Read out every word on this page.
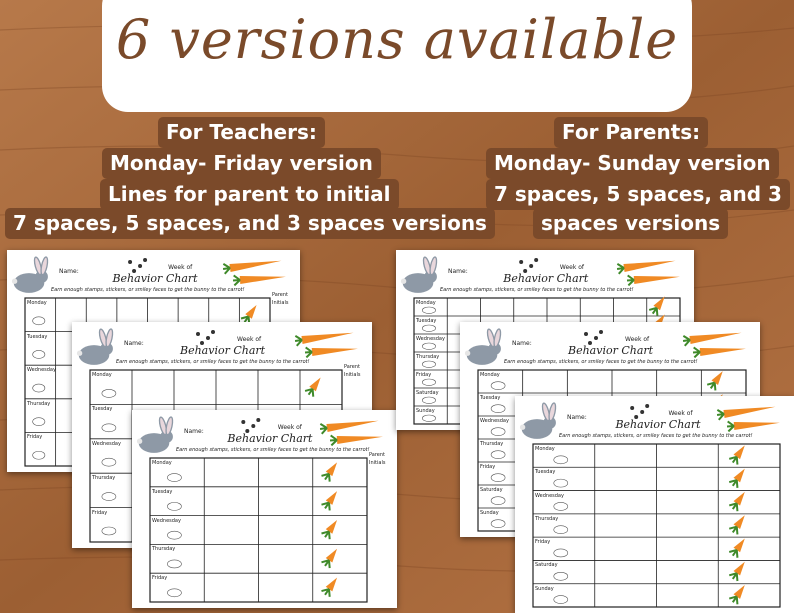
6 versions available
For Teachers:
Monday- Friday version
Lines for parent to initial
7 spaces, 5 spaces, and 3 spaces versions
For Parents:
Monday- Sunday version
7 spaces, 5 spaces, and 3
spaces versions
Name:
Week of
Behavior Chart
Earn enough stamps, stickers, or smiley faces to get the bunny to the carrot!
Monday
Tuesday
Wednesday
Thursday
Friday
Parent
Initials
Name:
Week of
Behavior Chart
Earn enough stamps, stickers, or smiley faces to get the bunny to the carrot!
Monday
Tuesday
Wednesday
Thursday
Friday
Parent
Initials
Name:
Week of
Behavior Chart
Earn enough stamps, stickers, or smiley faces to get the bunny to the carrot!
Monday
Tuesday
Wednesday
Thursday
Friday
Parent
Initials
Name:
Week of
Behavior Chart
Earn enough stamps, stickers, or smiley faces to get the bunny to the carrot!
Monday
Tuesday
Wednesday
Thursday
Friday
Saturday
Sunday
Name:
Week of
Behavior Chart
Earn enough stamps, stickers, or smiley faces to get the bunny to the carrot!
Monday
Tuesday
Wednesday
Thursday
Friday
Saturday
Sunday
Name:
Week of
Behavior Chart
Earn enough stamps, stickers, or smiley faces to get the bunny to the carrot!
Monday
Tuesday
Wednesday
Thursday
Friday
Saturday
Sunday
